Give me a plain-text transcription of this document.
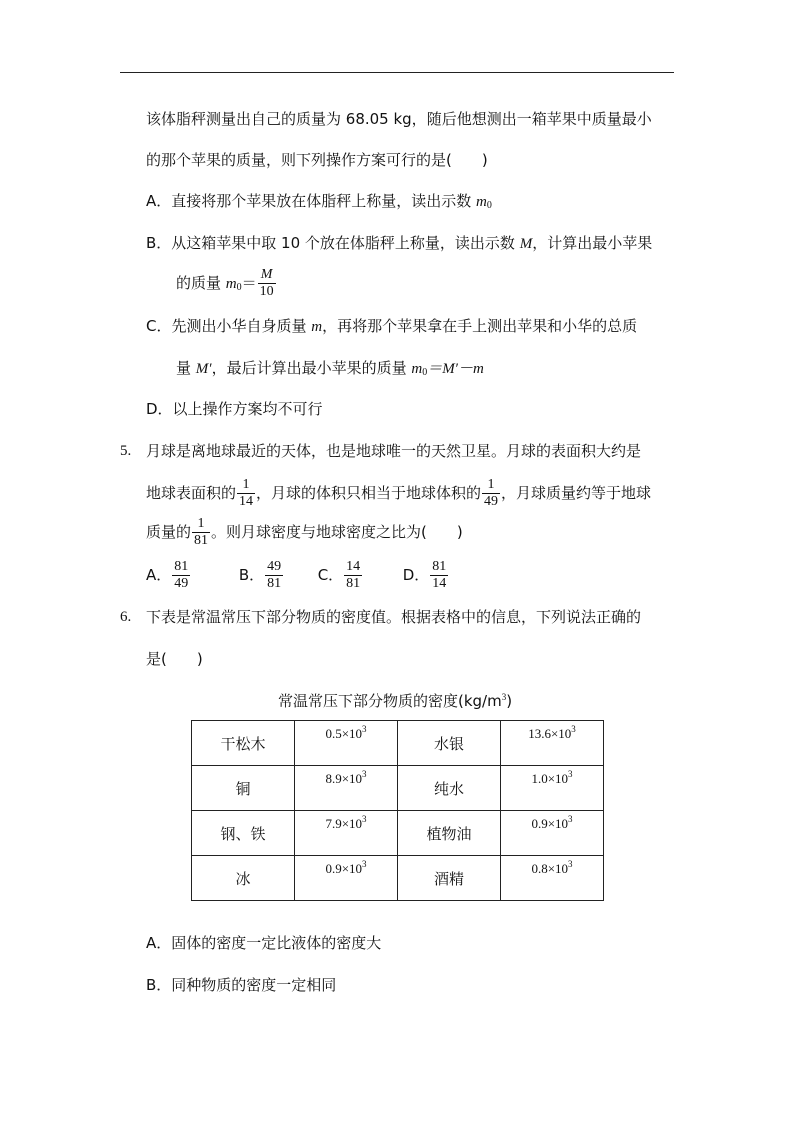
该体脂秤测量出自己的质量为 68.05 kg，随后他想测出一箱苹果中质量最小
的那个苹果的质量，则下列操作方案可行的是(　　)
A．直接将那个苹果放在体脂秤上称量，读出示数 $m_0$
B．从这箱苹果中取 10 个放在体脂秤上称量，读出示数 M，计算出最小苹果
的质量 $m_0= \frac{M}{10}$
C．先测出小华自身质量 m，再将那个苹果拿在手上测出苹果和小华的总质
量 M′，最后计算出最小苹果的质量 $m_0=M'-m$
D．以上操作方案均不可行
5. 月球是离地球最近的天体，也是地球唯一的天然卫星。月球的表面积大约是
地球表面积的 $\frac{1}{14}$ ，月球的体积只相当于地球体积的 $\frac{1}{49}$ ，月球质量约等于地球
质量的 $\frac{1}{81}$ 。则月球密度与地球密度之比为(　　)
A． $\frac{81}{49}$	B． $\frac{49}{81}$ C． $\frac{14}{81}$	D． $\frac{81}{14}$
6. 下表是常温常压下部分物质的密度值。根据表格中的信息，下列说法正确的
是(　　)
常温常压下部分物质的密度$(kg/m^3)$
干松木	$0.5\times 10^3$	水银	$13.6\times 10^3$
铜	$8.9\times 10^3$	纯水	$1.0\times 10^3$
钢、铁	$7.9\times 10^3$	植物油	$0.9\times 10^3$
冰	$0.9\times 10^3$	酒精	$0.8\times 10^3$
A．固体的密度一定比液体的密度大
B．同种物质的密度一定相同
